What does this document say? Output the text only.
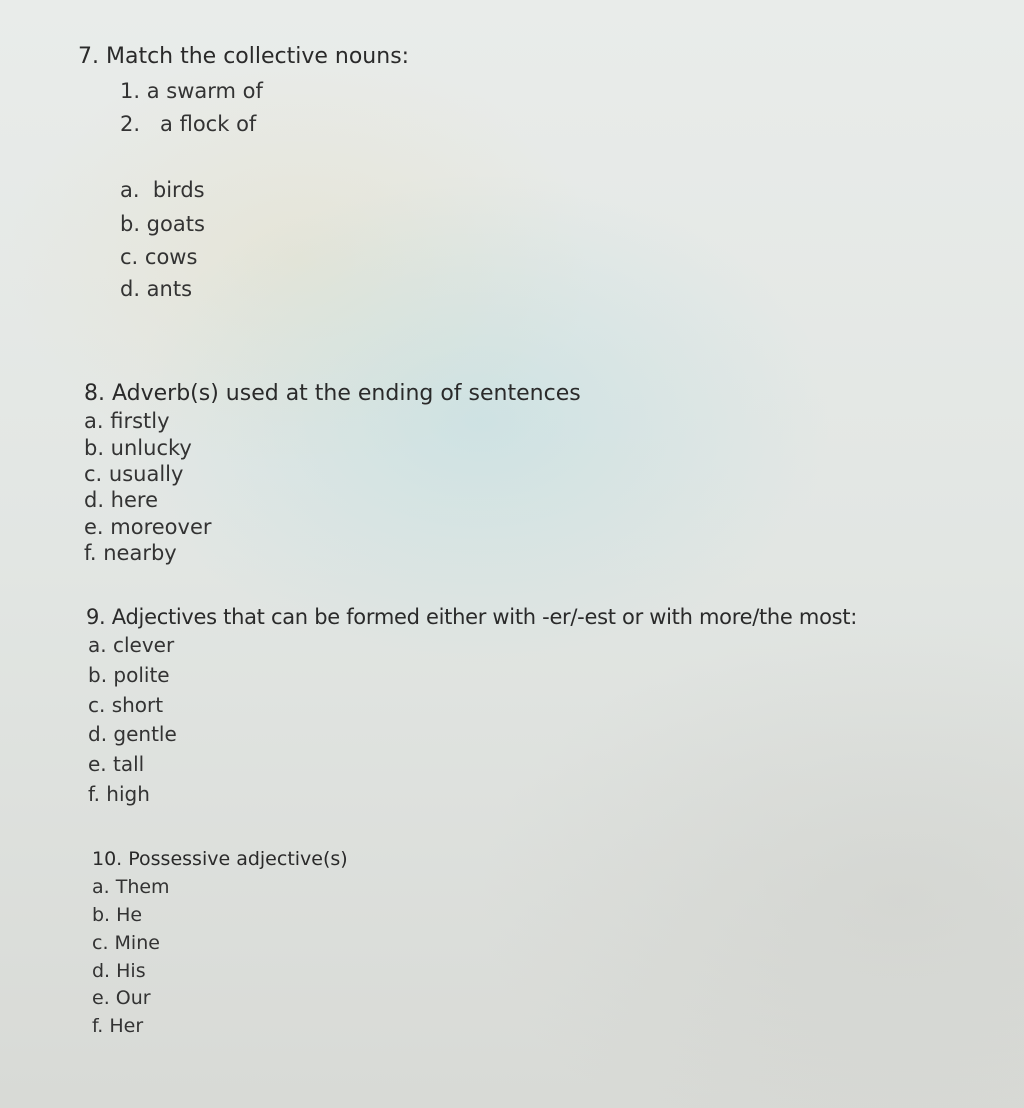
7. Match the collective nouns:
1. a swarm of
2.   a flock of
a.  birds
b. goats
c. cows
d. ants
8. Adverb(s) used at the ending of sentences
a. firstly
b. unlucky
c. usually
d. here
e. moreover
f. nearby
9. Adjectives that can be formed either with -er/-est or with more/the most:
a. clever
b. polite
c. short
d. gentle
e. tall
f. high
10. Possessive adjective(s)
a. Them
b. He
c. Mine
d. His
e. Our
f. Her
